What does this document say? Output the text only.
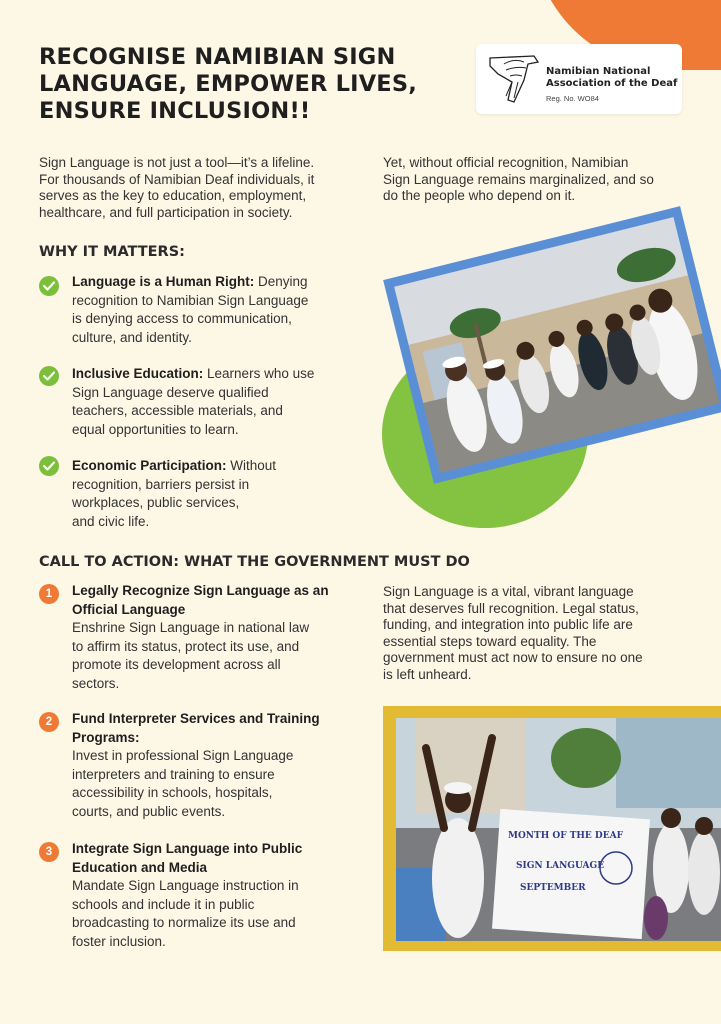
RECOGNISE NAMIBIAN SIGN
LANGUAGE, EMPOWER LIVES,
ENSURE INCLUSION!!
Namibian National
Association of the Deaf
Reg. No. WO84
Sign Language is not just a tool—it’s a lifeline.
For thousands of Namibian Deaf individuals, it
serves as the key to education, employment,
healthcare, and full participation in society.
Yet, without official recognition, Namibian
Sign Language remains marginalized, and so
do the people who depend on it.
WHY IT MATTERS:
Language is a Human Right: Denying
recognition to Namibian Sign Language
is denying access to communication,
culture, and identity.
Inclusive Education: Learners who use
Sign Language deserve qualified
teachers, accessible materials, and
equal opportunities to learn.
Economic Participation: Without
recognition, barriers persist in
workplaces, public services,
and civic life.
CALL TO ACTION: WHAT THE GOVERNMENT MUST DO
1	Legally Recognize Sign Language as an
Official Language
Enshrine Sign Language in national law
to affirm its status, protect its use, and
promote its development across all
sectors.
2	Fund Interpreter Services and Training
Programs:
Invest in professional Sign Language
interpreters and training to ensure
accessibility in schools, hospitals,
courts, and public events.
3	Integrate Sign Language into Public
Education and Media
Mandate Sign Language instruction in
schools and include it in public
broadcasting to normalize its use and
foster inclusion.
Sign Language is a vital, vibrant language
that deserves full recognition. Legal status,
funding, and integration into public life are
essential steps toward equality. The
government must act now to ensure no one
is left unheard.
MONTH OF THE DEAF
SIGN LANGUAGE
SEPTEMBER
